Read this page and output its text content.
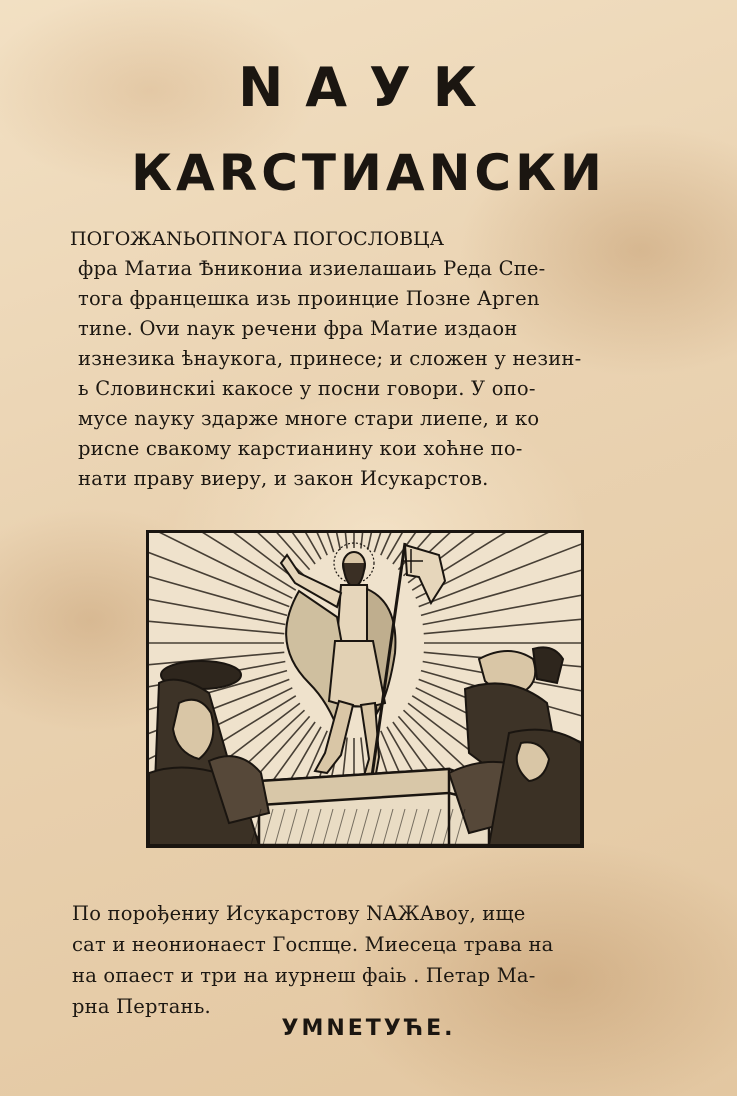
NAУК
КARСТИАNСКИ
ПОГОЖАNЬОПNОГА ПОГОСЛОВЦА
фра Матиа Ѣникониа изиелашаиь Реда Спе-
тога францешка изь проинцие Позне Аргеn
тиnе. Оvи naук речени фра Матие издаон
изнезика ѣнаукога, принесе; и сложен у незин-
ь Словинскиi какосе у посни говори. У опо-
мусе naуку здарже многе стари лиепе, и ко
рисnе свакому карстианину кои хоћне по-
нати праву виеру, и закон Исукарстов.
По порођениу Исукарстову NAЖАвоу, ище
сат и неoнионаест Госпще. Миесеца трава на
на опаест и три на иурнеш фаiь . Петар Ма-
рна Пертань.
УМNЕТУЋЕ.
